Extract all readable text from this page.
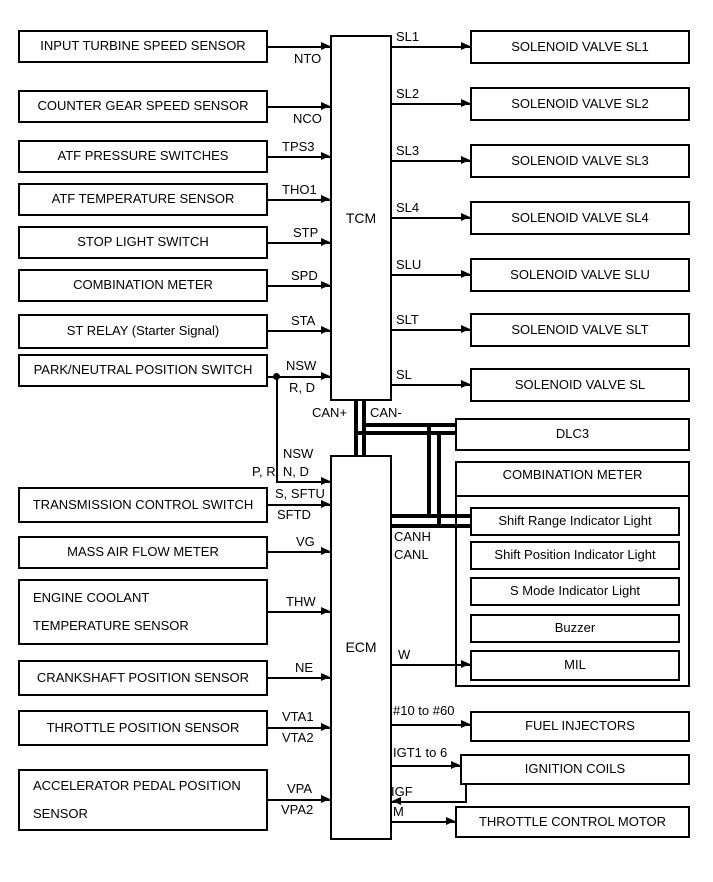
INPUT TURBINE SPEED SENSOR
COUNTER GEAR SPEED SENSOR
ATF PRESSURE SWITCHES
ATF TEMPERATURE SENSOR
STOP LIGHT SWITCH
COMBINATION METER
ST RELAY (Starter Signal)
PARK/NEUTRAL POSITION SWITCH
TRANSMISSION CONTROL SWITCH
MASS AIR FLOW METER
ENGINE COOLANT
TEMPERATURE SENSOR
CRANKSHAFT POSITION SENSOR
THROTTLE POSITION SENSOR
ACCELERATOR PEDAL POSITION
SENSOR
TCM
ECM
SOLENOID VALVE SL1
SOLENOID VALVE SL2
SOLENOID VALVE SL3
SOLENOID VALVE SL4
SOLENOID VALVE SLU
SOLENOID VALVE SLT
SOLENOID VALVE SL
DLC3
COMBINATION METER
Shift Range Indicator Light
Shift Position Indicator Light
S Mode Indicator Light
Buzzer
MIL
FUEL INJECTORS
IGNITION COILS
THROTTLE CONTROL MOTOR
NTO
NCO
TPS3
THO1
STP
SPD
STA
NSW
R, D
NSW
P, R, N, D
S, SFTU
SFTD
VG
THW
NE
VTA1
VTA2
VPA
VPA2
SL1
SL2
SL3
SL4
SLU
SLT
SL
CAN+ CAN-
CANH
CANL
W
#10 to #60
IGT1 to 6
IGF
M
